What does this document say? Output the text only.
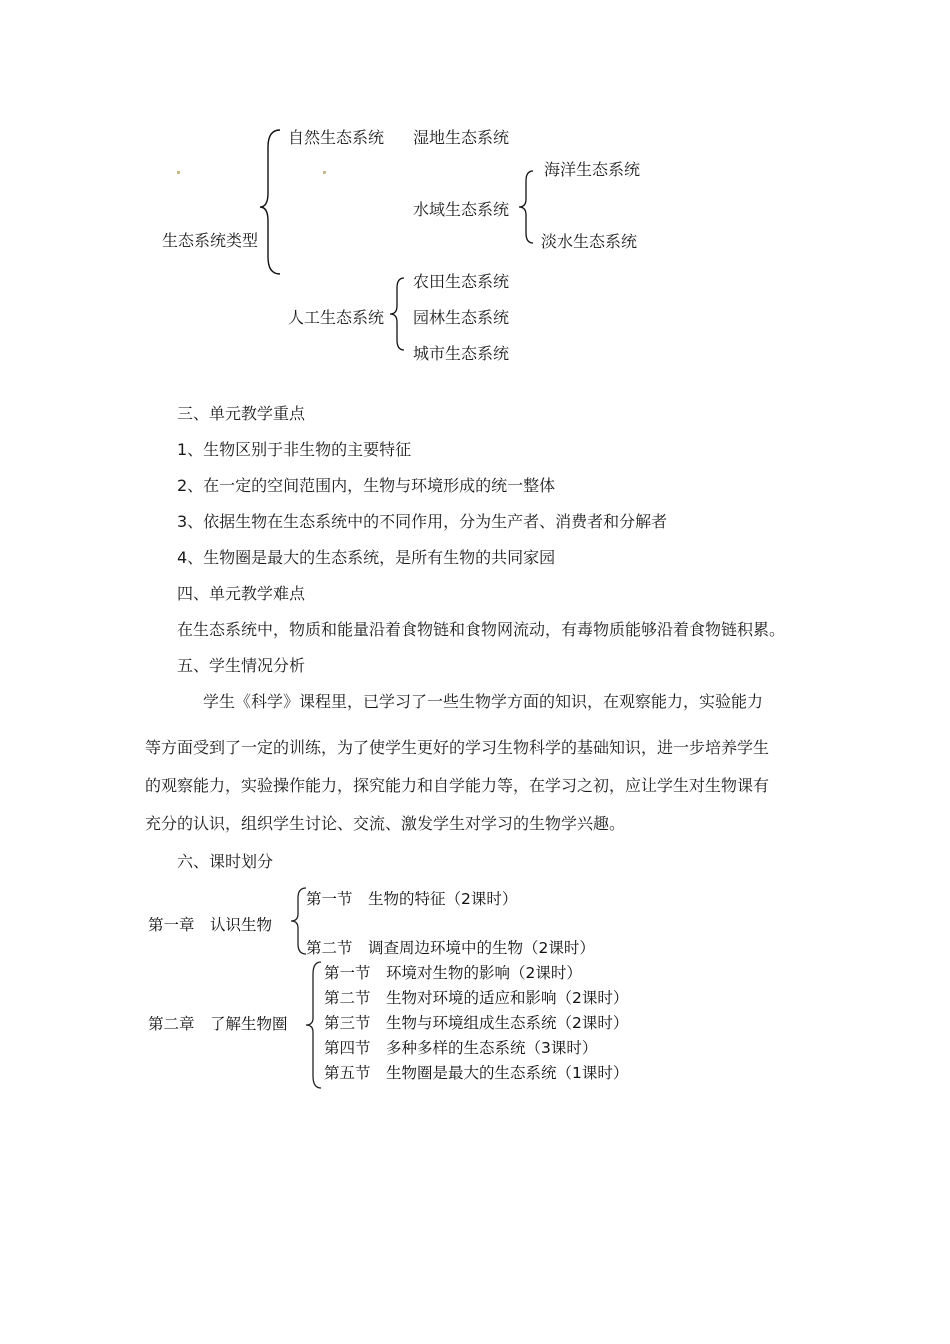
生态系统类型
自然生态系统 湿地生态系统
水域生态系统
海洋生态系统
淡水生态系统
人工生态系统
农田生态系统
园林生态系统
城市生态系统
三、单元教学重点
1、生物区别于非生物的主要特征
2、在一定的空间范围内，生物与环境形成的统一整体
3、依据生物在生态系统中的不同作用，分为生产者、消费者和分解者
4、生物圈是最大的生态系统，是所有生物的共同家园
四、单元教学难点
在生态系统中，物质和能量沿着食物链和食物网流动，有毒物质能够沿着食物链积累。
五、学生情况分析
学生《科学》课程里，已学习了一些生物学方面的知识，在观察能力，实验能力
等方面受到了一定的训练，为了使学生更好的学习生物科学的基础知识，进一步培养学生
的观察能力，实验操作能力，探究能力和自学能力等，在学习之初，应让学生对生物课有
充分的认识，组织学生讨论、交流、激发学生对学习的生物学兴趣。
六、课时划分
第一章　认识生物
第一节　生物的特征（2课时）
第二节　调查周边环境中的生物（2课时）
第二章　了解生物圈
第一节　环境对生物的影响（2课时）
第二节　生物对环境的适应和影响（2课时）
第三节　生物与环境组成生态系统（2课时）
第四节　多种多样的生态系统（3课时）
第五节　生物圈是最大的生态系统（1课时）
